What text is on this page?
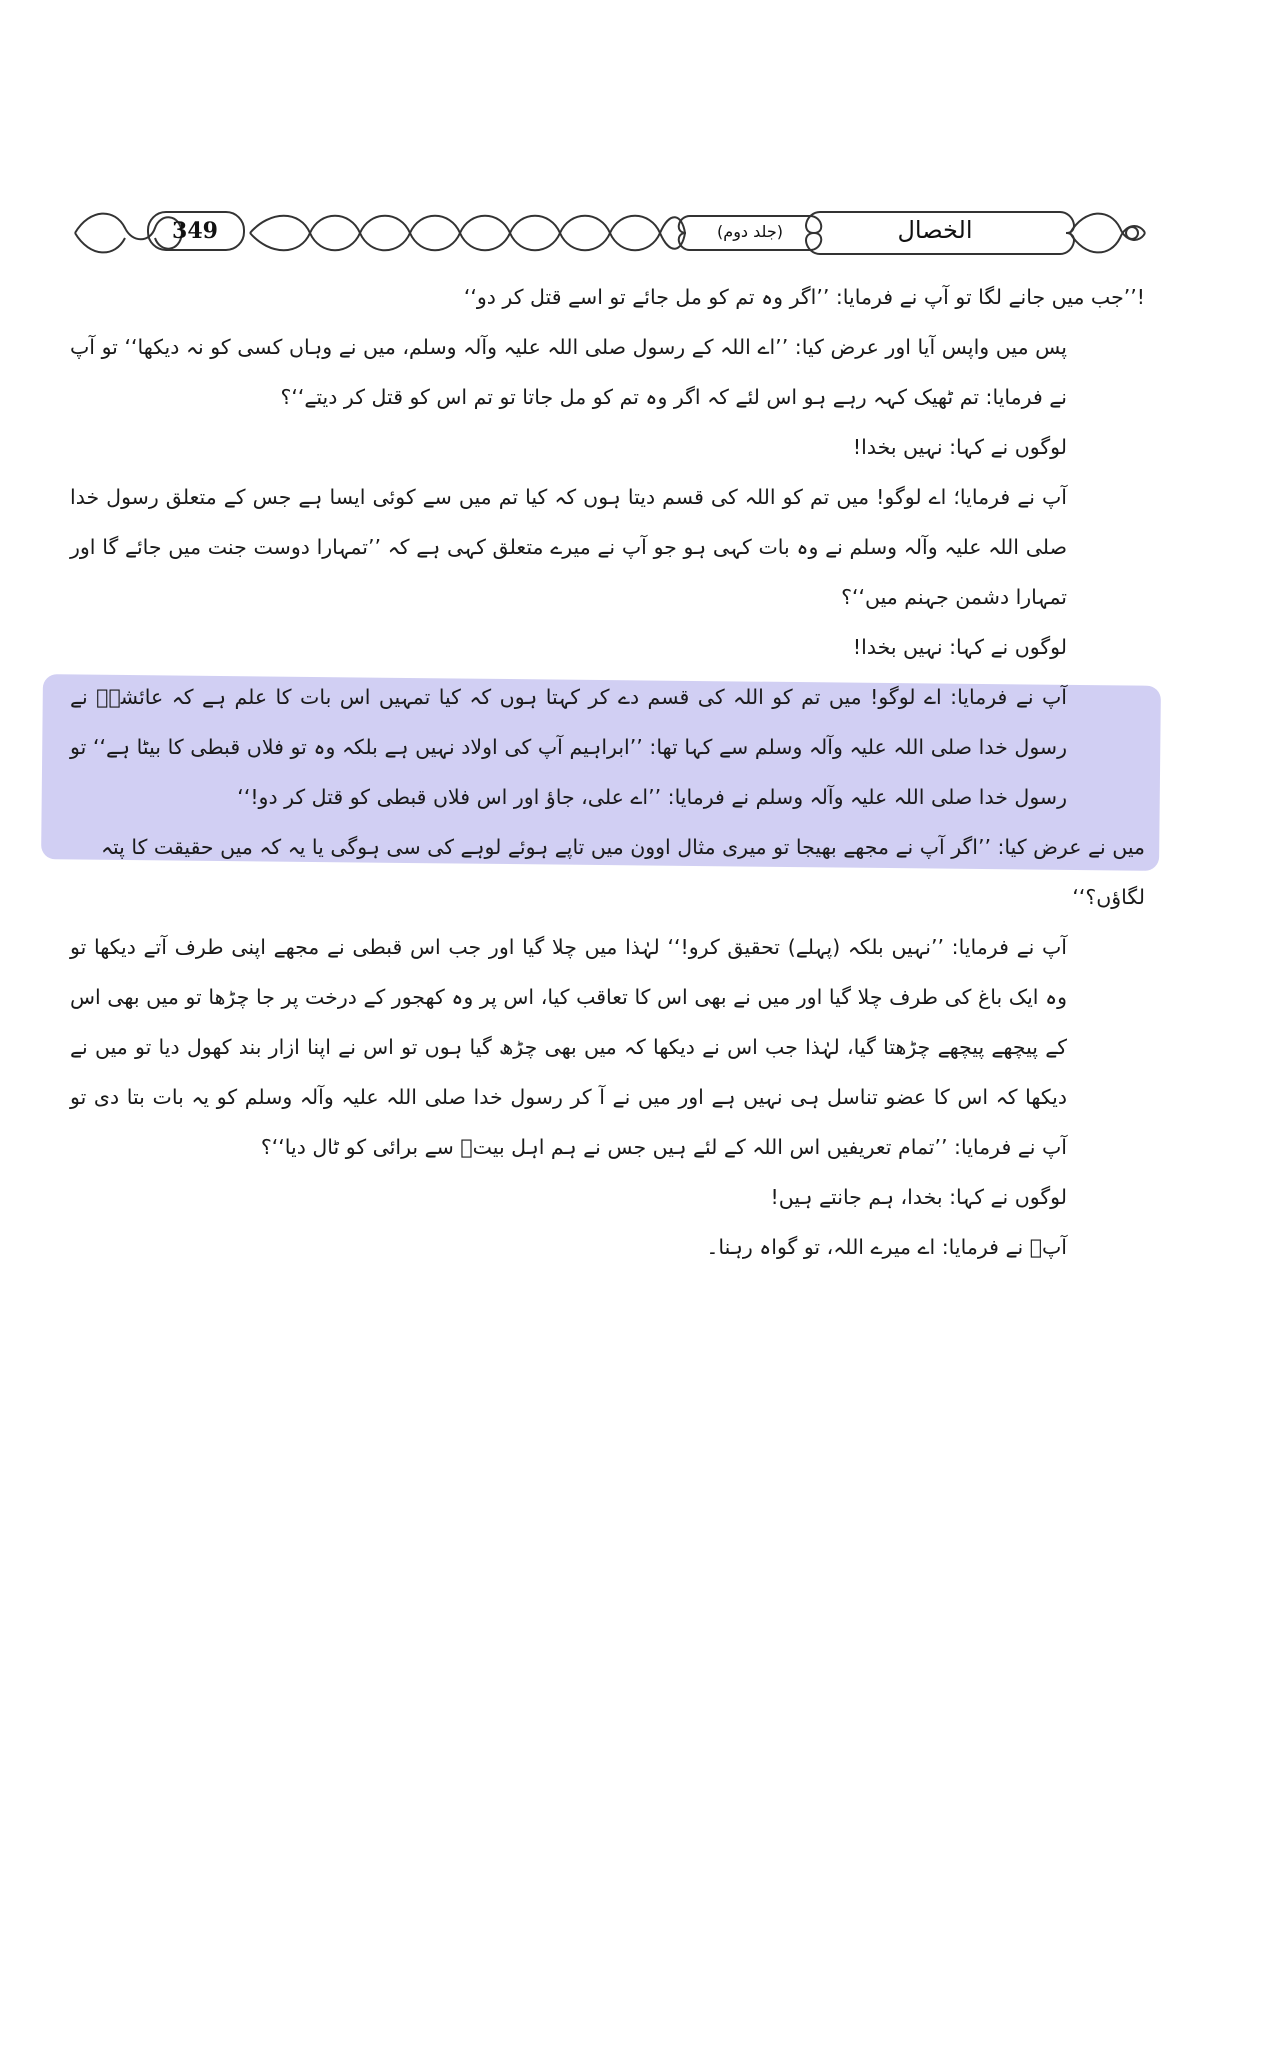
349	(جلد دوم)	الخصال

!’’جب میں جانے لگا تو آپ نے فرمایا: ’’اگر وہ تم کو مل جائے تو اسے قتل کر دو‘‘

پس میں واپس آیا اور عرض کیا: ’’اے اللہ کے رسول صلی اللہ علیہ وآلہ وسلم، میں نے وہاں کسی کو نہ دیکھا‘‘ تو آپ نے فرمایا: تم ٹھیک کہہ رہے ہو اس لئے کہ اگر وہ تم کو مل جاتا تو تم اس کو قتل کر دیتے‘‘؟

لوگوں نے کہا: نہیں بخدا!

آپ نے فرمایا؛ اے لوگو! میں تم کو اللہ کی قسم دیتا ہوں کہ کیا تم میں سے کوئی ایسا ہے جس کے متعلق رسول خدا صلی اللہ علیہ وآلہ وسلم نے وہ بات کہی ہو جو آپ نے میرے متعلق کہی ہے کہ ’’تمہارا دوست جنت میں جائے گا اور تمہارا دشمن جہنم میں‘‘؟

لوگوں نے کہا: نہیں بخدا!

آپ نے فرمایا: اے لوگو! میں تم کو اللہ کی قسم دے کر کہتا ہوں کہ کیا تمہیں اس بات کا علم ہے کہ عائشہؓ نے رسول خدا صلی اللہ علیہ وآلہ وسلم سے کہا تھا: ’’ابراہیم آپ کی اولاد نہیں ہے بلکہ وہ تو فلاں قبطی کا بیٹا ہے‘‘ تو رسول خدا صلی اللہ علیہ وآلہ وسلم نے فرمایا: ’’اے علی، جاؤ اور اس فلاں قبطی کو قتل کر دو!‘‘

میں نے عرض کیا: ’’اگر آپ نے مجھے بھیجا تو میری مثال اوون میں تاپے ہوئے لوہے کی سی ہوگی یا یہ کہ میں حقیقت کا پتہ لگاؤں؟‘‘

آپ نے فرمایا: ’’نہیں بلکہ (پہلے) تحقیق کرو!‘‘ لہٰذا میں چلا گیا اور جب اس قبطی نے مجھے اپنی طرف آتے دیکھا تو وہ ایک باغ کی طرف چلا گیا اور میں نے بھی اس کا تعاقب کیا، اس پر وہ کھجور کے درخت پر جا چڑھا تو میں بھی اس کے پیچھے پیچھے چڑھتا گیا، لہٰذا جب اس نے دیکھا کہ میں بھی چڑھ گیا ہوں تو اس نے اپنا ازار بند کھول دیا تو میں نے دیکھا کہ اس کا عضو تناسل ہی نہیں ہے اور میں نے آ کر رسول خدا صلی اللہ علیہ وآلہ وسلم کو یہ بات بتا دی تو آپ نے فرمایا: ’’تمام تعریفیں اس اللہ کے لئے ہیں جس نے ہم اہل بیتؑ سے برائی کو ٹال دیا‘‘؟

لوگوں نے کہا: بخدا، ہم جانتے ہیں!

آپؑ نے فرمایا: اے میرے اللہ، تو گواہ رہنا۔
